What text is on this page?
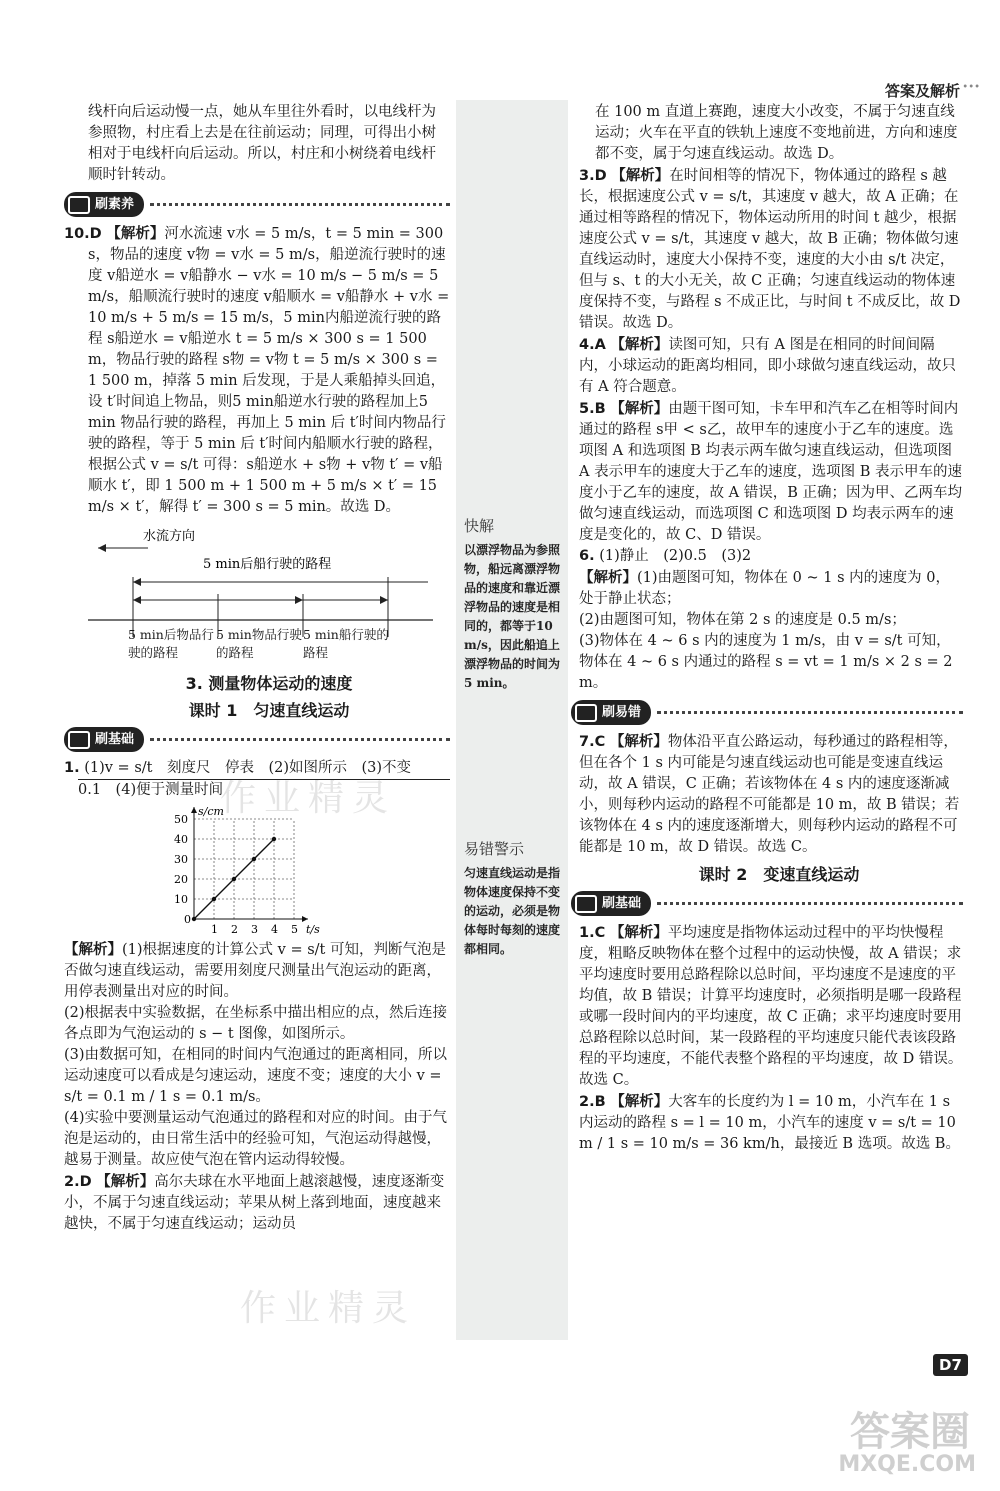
答案及解析 •••
作业精灵
作业精灵

线杆向后运动慢一点，她从车里往外看时，以电线杆为参照物，村庄看上去是在往前运动；同理，可得出小树相对于电线杆向后运动。所以，村庄和小树绕着电线杆顺时针转动。

刷素养

10.D 【解析】河水流速 v水 = 5 m/s，t = 5 min = 300 s，物品的速度 v物 = v水 = 5 m/s，船逆流行驶时的速度 v船逆水 = v船静水 − v水 = 10 m/s − 5 m/s = 5 m/s，船顺流行驶时的速度 v船顺水 = v船静水 + v水 = 10 m/s + 5 m/s = 15 m/s，5 min内船逆流行驶的路程 s船逆水 = v船逆水 t = 5 m/s × 300 s = 1 500 m，物品行驶的路程 s物 = v物 t = 5 m/s × 300 s = 1 500 m，掉落 5 min 后发现，于是人乘船掉头回追，设 t′时间追上物品，则5 min船逆水行驶的路程加上5 min 物品行驶的路程，再加上 5 min 后 t′时间内物品行驶的路程，等于 5 min 后 t′时间内船顺水行驶的路程，根据公式 v = s/t 可得：s船逆水 + s物 + v物 t′ = v船顺水 t′，即 1 500 m + 1 500 m + 5 m/s × t′ = 15 m/s × t′，解得 t′ = 300 s = 5 min。故选 D。

水流方向
5 min后船行驶的路程
5 min后物品行驶的路程
5 min物品行驶的路程
5 min船行驶的路程
3. 测量物体运动的速度
课时 1　匀速直线运动
刷基础

1. (1)v = s/t　刻度尺　停表　(2)如图所示　(3)不变

0.1　(4)便于测量时间

s/cm
t/s
0
1 2 3 4 5
10
20
30
40
50

【解析】(1)根据速度的计算公式 v = s/t 可知，判断气泡是否做匀速直线运动，需要用刻度尺测量出气泡运动的距离，用停表测量出对应的时间。

(2)根据表中实验数据，在坐标系中描出相应的点，然后连接各点即为气泡运动的 s − t 图像，如图所示。

(3)由数据可知，在相同的时间内气泡通过的距离相同，所以运动速度可以看成是匀速运动，速度不变；速度的大小 v = s/t = 0.1 m / 1 s = 0.1 m/s。

(4)实验中要测量运动气泡通过的路程和对应的时间。由于气泡是运动的，由日常生活中的经验可知，气泡运动得越慢，越易于测量。故应使气泡在管内运动得较慢。

2.D 【解析】高尔夫球在水平地面上越滚越慢，速度逐渐变小，不属于匀速直线运动；苹果从树上落到地面，速度越来越快，不属于匀速直线运动；运动员

快解
以漂浮物品为参照物，船远离漂浮物品的速度和靠近漂浮物品的速度是相同的，都等于10 m/s，因此船追上漂浮物品的时间为5 min。
易错警示
匀速直线运动是指物体速度保持不变的运动，必须是物体每时每刻的速度都相同。

在 100 m 直道上赛跑，速度大小改变，不属于匀速直线运动；火车在平直的铁轨上速度不变地前进，方向和速度都不变，属于匀速直线运动。故选 D。

3.D 【解析】在时间相等的情况下，物体通过的路程 s 越长，根据速度公式 v = s/t，其速度 v 越大，故 A 正确；在通过相等路程的情况下，物体运动所用的时间 t 越少，根据速度公式 v = s/t，其速度 v 越大，故 B 正确；物体做匀速直线运动时，速度大小保持不变，速度的大小由 s/t 决定，但与 s、t 的大小无关，故 C 正确；匀速直线运动的物体速度保持不变，与路程 s 不成正比，与时间 t 不成反比，故 D 错误。故选 D。

4.A 【解析】读图可知，只有 A 图是在相同的时间间隔内，小球运动的距离均相同，即小球做匀速直线运动，故只有 A 符合题意。

5.B 【解析】由题干图可知，卡车甲和汽车乙在相等时间内通过的路程 s甲 < s乙，故甲车的速度小于乙车的速度。选项图 A 和选项图 B 均表示两车做匀速直线运动，但选项图 A 表示甲车的速度大于乙车的速度，选项图 B 表示甲车的速度小于乙车的速度，故 A 错误，B 正确；因为甲、乙两车均做匀速直线运动，而选项图 C 和选项图 D 均表示两车的速度是变化的，故 C、D 错误。

6. (1)静止　(2)0.5　(3)2

【解析】(1)由题图可知，物体在 0 ~ 1 s 内的速度为 0，处于静止状态；

(2)由题图可知，物体在第 2 s 的速度是 0.5 m/s；

(3)物体在 4 ~ 6 s 内的速度为 1 m/s，由 v = s/t 可知，物体在 4 ~ 6 s 内通过的路程 s = vt = 1 m/s × 2 s = 2 m。

刷易错

7.C 【解析】物体沿平直公路运动，每秒通过的路程相等，但在各个 1 s 内可能是匀速直线运动也可能是变速直线运动，故 A 错误，C 正确；若该物体在 4 s 内的速度逐渐减小，则每秒内运动的路程不可能都是 10 m，故 B 错误；若该物体在 4 s 内的速度逐渐增大，则每秒内运动的路程不可能都是 10 m，故 D 错误。故选 C。

课时 2　变速直线运动
刷基础

1.C 【解析】平均速度是指物体运动过程中的平均快慢程度，粗略反映物体在整个过程中的运动快慢，故 A 错误；求平均速度时要用总路程除以总时间，平均速度不是速度的平均值，故 B 错误；计算平均速度时，必须指明是哪一段路程或哪一段时间内的平均速度，故 C 正确；求平均速度时要用总路程除以总时间，某一段路程的平均速度只能代表该段路程的平均速度，不能代表整个路程的平均速度，故 D 错误。故选 C。

2.B 【解析】大客车的长度约为 l = 10 m，小汽车在 1 s 内运动的路程 s = l = 10 m，小汽车的速度 v = s/t = 10 m / 1 s = 10 m/s = 36 km/h，最接近 B 选项。故选 B。

D7
答案圈
MXQE.COM
